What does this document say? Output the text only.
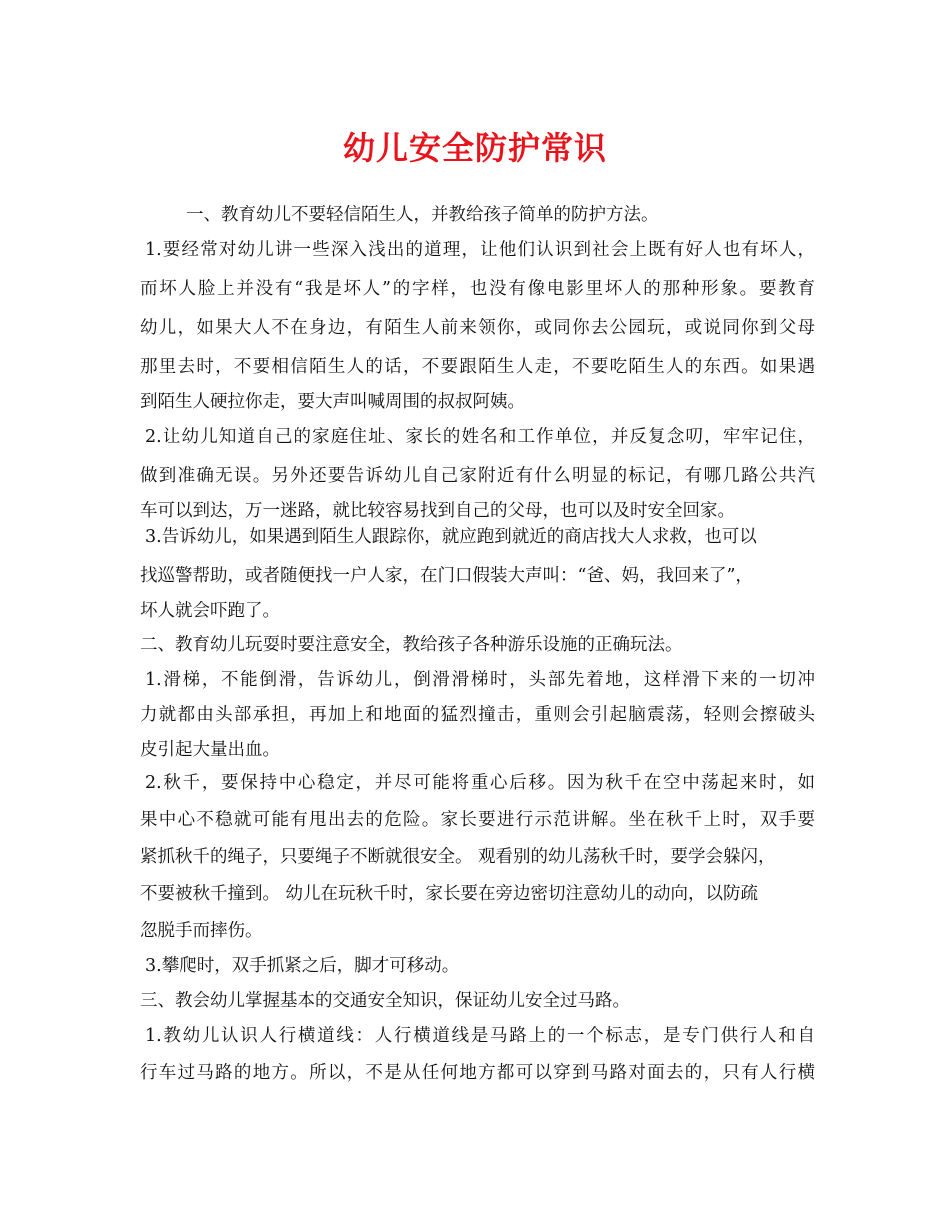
幼儿安全防护常识
一、教育幼儿不要轻信陌生人，并教给孩子简单的防护方法。
1.要经常对幼儿讲一些深入浅出的道理，让他们认识到社会上既有好人也有坏人，
而坏人脸上并没有“我是坏人”的字样，也没有像电影里坏人的那种形象。要教育
幼儿，如果大人不在身边，有陌生人前来领你，或同你去公园玩，或说同你到父母
那里去时，不要相信陌生人的话，不要跟陌生人走，不要吃陌生人的东西。如果遇
到陌生人硬拉你走，要大声叫喊周围的叔叔阿姨。
2.让幼儿知道自己的家庭住址、家长的姓名和工作单位，并反复念叨，牢牢记住，
做到准确无误。另外还要告诉幼儿自己家附近有什么明显的标记，有哪几路公共汽
车可以到达，万一迷路，就比较容易找到自己的父母，也可以及时安全回家。
3.告诉幼儿，如果遇到陌生人跟踪你，就应跑到就近的商店找大人求救，也可以
找巡警帮助，或者随便找一户人家，在门口假装大声叫：“爸、妈，我回来了”，
坏人就会吓跑了。
二、教育幼儿玩耍时要注意安全，教给孩子各种游乐设施的正确玩法。
1.滑梯，不能倒滑，告诉幼儿，倒滑滑梯时，头部先着地，这样滑下来的一切冲
力就都由头部承担，再加上和地面的猛烈撞击，重则会引起脑震荡，轻则会擦破头
皮引起大量出血。
2.秋千，要保持中心稳定，并尽可能将重心后移。因为秋千在空中荡起来时，如
果中心不稳就可能有甩出去的危险。家长要进行示范讲解。坐在秋千上时，双手要
紧抓秋千的绳子，只要绳子不断就很安全。 观看别的幼儿荡秋千时，要学会躲闪，
不要被秋千撞到。 幼儿在玩秋千时，家长要在旁边密切注意幼儿的动向，以防疏
忽脱手而摔伤。
3.攀爬时，双手抓紧之后，脚才可移动。
三、教会幼儿掌握基本的交通安全知识，保证幼儿安全过马路。
1.教幼儿认识人行横道线：人行横道线是马路上的一个标志，是专门供行人和自
行车过马路的地方。所以，不是从任何地方都可以穿到马路对面去的，只有人行横
